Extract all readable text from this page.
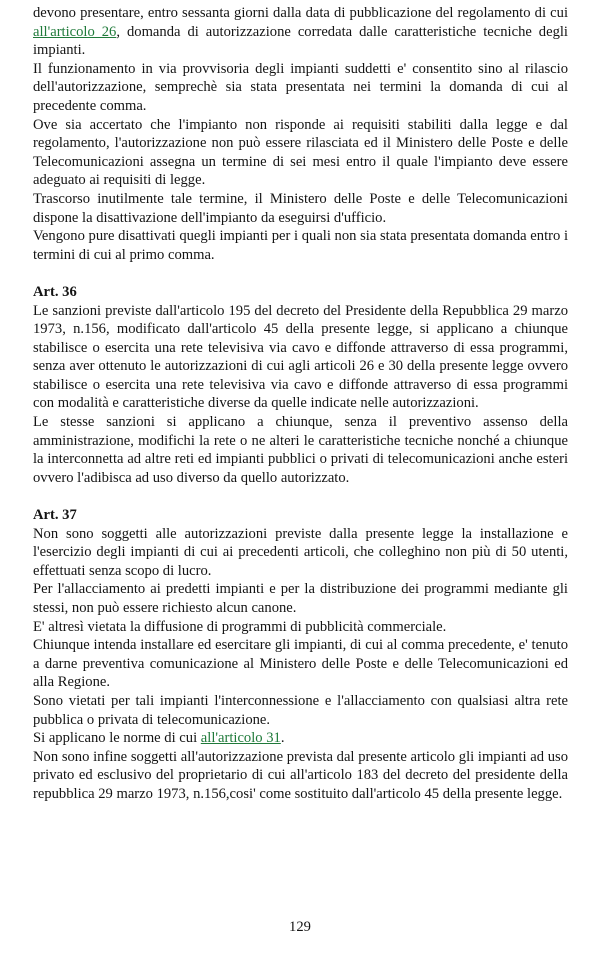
devono presentare, entro sessanta giorni dalla data di pubblicazione del regolamento di cui all'articolo 26, domanda di autorizzazione corredata dalle caratteristiche tecniche degli impianti.

Il funzionamento in via provvisoria degli impianti suddetti e' consentito sino al rilascio dell'autorizzazione, semprechè sia stata presentata nei termini la domanda di cui al precedente comma.

Ove sia accertato che l'impianto non risponde ai requisiti stabiliti dalla legge e dal regolamento, l'autorizzazione non può essere rilasciata ed il Ministero delle Poste e delle Telecomunicazioni assegna un termine di sei mesi entro il quale l'impianto deve essere adeguato ai requisiti di legge.

Trascorso inutilmente tale termine, il Ministero delle Poste e delle Telecomunicazioni dispone la disattivazione dell'impianto da eseguirsi d'ufficio.

Vengono pure disattivati quegli impianti per i quali non sia stata presentata domanda entro i termini di cui al primo comma.

Art. 36

Le sanzioni previste dall'articolo 195 del decreto del Presidente della Repubblica 29 marzo 1973, n.156, modificato dall'articolo 45 della presente legge, si applicano a chiunque stabilisce o esercita una rete televisiva via cavo e diffonde attraverso di essa programmi, senza aver ottenuto le autorizzazioni di cui agli articoli 26 e 30 della presente legge ovvero stabilisce o esercita una rete televisiva via cavo e diffonde attraverso di essa programmi con modalità e caratteristiche diverse da quelle indicate nelle autorizzazioni.

Le stesse sanzioni si applicano a chiunque, senza il preventivo assenso della amministrazione, modifichi la rete o ne alteri le caratteristiche tecniche nonché a chiunque la interconnetta ad altre reti ed impianti pubblici o privati di telecomunicazioni anche esteri ovvero l'adibisca ad uso diverso da quello autorizzato.

Art. 37

Non sono soggetti alle autorizzazioni previste dalla presente legge la installazione e l'esercizio degli impianti di cui ai precedenti articoli, che colleghino non più di 50 utenti, effettuati senza scopo di lucro.

Per l'allacciamento ai predetti impianti e per la distribuzione dei programmi mediante gli stessi, non può essere richiesto alcun canone.

E' altresì vietata la diffusione di programmi di pubblicità commerciale.

Chiunque intenda installare ed esercitare gli impianti, di cui al comma precedente, e' tenuto a darne preventiva comunicazione al Ministero delle Poste e delle Telecomunicazioni ed alla Regione.

Sono vietati per tali impianti l'interconnessione e l'allacciamento con qualsiasi altra rete pubblica o privata di telecomunicazione.

Si applicano le norme di cui all'articolo 31.

Non sono infine soggetti all'autorizzazione prevista dal presente articolo gli impianti ad uso privato ed esclusivo del proprietario di cui all'articolo 183 del decreto del presidente della repubblica 29 marzo 1973, n.156,cosi' come sostituito dall'articolo 45 della presente legge.

129
